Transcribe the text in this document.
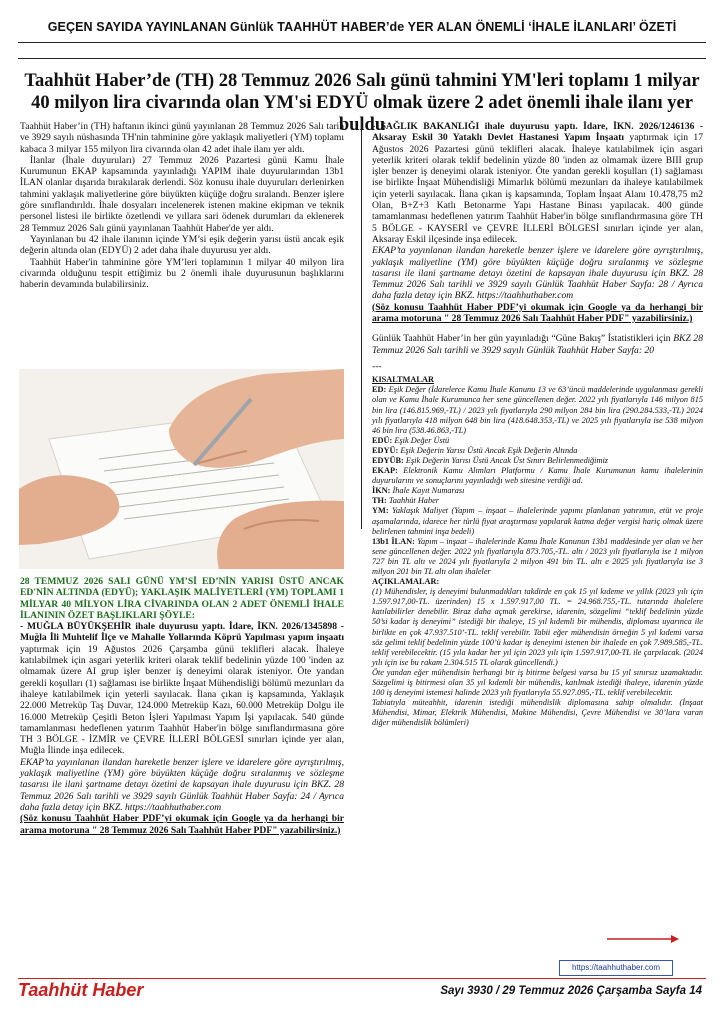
GEÇEN SAYIDA YAYINLANAN Günlük TAAHHÜT HABER’de YER ALAN ÖNEMLİ ‘İHALE İLANLARI’ ÖZETİ
Taahhüt Haber’de (TH) 28 Temmuz 2026 Salı günü tahmini YM'leri toplamı 1 milyar 40 milyon lira civarında olan YM'si EDYÜ olmak üzere 2 adet önemli ihale ilanı yer buldu

Taahhüt Haber’in (TH) haftanın ikinci günü yayınlanan 28 Temmuz 2026 Salı tarih ve 3929 sayılı nüshasında TH'nin tahminine göre yaklaşık maliyetleri (YM) toplamı kabaca 3 milyar 155 milyon lira civarında olan 42 adet ihale ilanı yer aldı.

İlanlar (İhale duyuruları) 27 Temmuz 2026 Pazartesi günü Kamu İhale Kurumunun EKAP kapsamında yayınladığı YAPIM ihale duyurularından 13b1 İLAN olanlar dışarıda bırakılarak derlendi. Söz konusu ihale duyuruları derlenirken tahmini yaklaşık maliyetlerine göre büyükten küçüğe doğru sıralandı. Benzer işlere göre sınıflandırıldı. İhale dosyaları incelenerek istenen makine ekipman ve teknik personel listesi ile birlikte özetlendi ve yıllara sari ödenek durumları da eklenerek 28 Temmuz 2026 Salı günü yayınlanan Taahhüt Haber'de yer aldı.

Yayınlanan bu 42 ihale ilanının içinde YM’si eşik değerin yarısı üstü ancak eşik değerin altında olan (EDYÜ) 2 adet daha ihale duyurusu yer aldı.

Taahhüt Haber'in tahminine göre YM’leri toplamının 1 milyar 40 milyon lira civarında olduğunu tespit ettiğimiz bu 2 önemli ihale duyurusunun başlıklarını haberin devamında bulabilirsiniz.

28 TEMMUZ 2026 SALI GÜNÜ YM’Sİ ED’NİN YARISI ÜSTÜ ANCAK ED'NİN ALTINDA (EDYÜ); YAKLAŞIK MALİYETLERİ (YM) TOPLAMI 1 MİLYAR 40 MİLYON LİRA CİVARINDA OLAN 2 ADET ÖNEMLİ İHALE İLANININ ÖZET BAŞLIKLARI ŞÖYLE:

- MUĞLA BÜYÜKŞEHİR ihale duyurusu yaptı. İdare, İKN. 2026/1345898 - Muğla İli Muhtelif İlçe ve Mahalle Yollarında Köprü Yapılması yapım inşaatı yaptırmak için 19 Ağustos 2026 Çarşamba günü teklifleri alacak. İhaleye katılabilmek için asgari yeterlik kriteri olarak teklif bedelinin yüzde 100 'inden az olmamak üzere AI grup işler benzer iş deneyimi olarak isteniyor. Öte yandan gerekli koşulları (1) sağlaması ise birlikte İnşaat Mühendisliği bölümü mezunları da ihaleye katılabilmek için yeterli sayılacak. İlana çıkan iş kapsamında, Yaklaşık 22.000 Metreküp Taş Duvar, 124.000 Metreküp Kazı, 60.000 Metreküp Dolgu ile 16.000 Metreküp Çeşitli Beton İşleri Yapılması Yapım İşi yapılacak. 540 günde tamamlanması hedeflenen yatırım Taahhüt Haber'in bölge sınıflandırmasına göre TH 3 BÖLGE - İZMİR ve ÇEVRE İLLERİ BÖLGESİ sınırları içinde yer alan, Muğla İlinde inşa edilecek.

EKAP’ta yayınlanan ilandan hareketle benzer işlere ve idarelere göre ayrıştırılmış, yaklaşık maliyetline (YM) göre büyükten küçüğe doğru sıralanmış ve sözleşme tasarısı ile ilani şartname detayı özetini de kapsayan ihale duyurusu için BKZ. 28 Temmuz 2026 Salı tarihli ve 3929 sayılı Günlük Taahhüt Haber Sayfa: 24 / Ayrıca daha fazla detay için BKZ. https://taahhuthaber.com

(Söz konusu Taahhüt Haber PDF’yi okumak için Google ya da herhangi bir arama motoruna " 28 Temmuz 2026 Salı Taahhüt Haber PDF" yazabilirsiniz.)

- SAĞLIK BAKANLIĞI ihale duyurusu yaptı. İdare, İKN. 2026/1246136 - Aksaray Eskil 30 Yataklı Devlet Hastanesi Yapım İnşaatı yaptırmak için 17 Ağustos 2026 Pazartesi günü teklifleri alacak. İhaleye katılabilmek için asgari yeterlik kriteri olarak teklif bedelinin yüzde 80 'inden az olmamak üzere BIII grup işler benzer iş deneyimi olarak isteniyor. Öte yandan gerekli koşulları (1) sağlaması ise birlikte İnşaat Mühendisliği Mimarlık bölümü mezunları da ihaleye katılabilmek için yeterli sayılacak. İlana çıkan iş kapsamında, Toplam İnşaat Alanı 10.478,75 m2 Olan, B+Z+3 Katlı Betonarme Yapı Hastane Binası yapılacak. 400 günde tamamlanması hedeflenen yatırım Taahhüt Haber'in bölge sınıflandırmasına göre TH 5 BÖLGE - KAYSERİ ve ÇEVRE İLLERİ BÖLGESİ sınırları içinde yer alan, Aksaray Eskil ilçesinde inşa edilecek.

EKAP’ta yayınlanan ilandan hareketle benzer işlere ve idarelere göre ayrıştırılmış, yaklaşık maliyetline (YM) göre büyükten küçüğe doğru sıralanmış ve sözleşme tasarısı ile ilani şartname detayı özetini de kapsayan ihale duyurusu için BKZ. 28 Temmuz 2026 Salı tarihli ve 3929 sayılı Günlük Taahhüt Haber Sayfa: 28 / Ayrıca daha fazla detay için BKZ. https://taahhuthaber.com

(Söz konusu Taahhüt Haber PDF’yi okumak için Google ya da herhangi bir arama motoruna " 28 Temmuz 2026 Salı Taahhüt Haber PDF" yazabilirsiniz.)

Günlük Taahhüt Haber’in her gün yayınladığı “Güne Bakış” İstatistikleri için BKZ 28 Temmuz 2026 Salı tarihli ve 3929 sayılı Günlük Taahhüt Haber Sayfa: 20

---

KISALTMALAR

ED: Eşik Değer (İdarelerce Kamu İhale Kanunu 13 ve 63’üncü maddelerinde uygulanması gerekli olan ve Kamu İhale Kurumunca her sene güncellenen değer. 2022 yılı fiyatlarıyla 146 milyon 815 bin lira (146.815.969,-TL) / 2023 yılı fiyatlarıyla 290 milyon 284 bin lira (290.284.533,-TL) 2024 yılı fiyatlarıyla 418 milyon 648 bin lira (418.648.353,-TL) ve 2025 yılı fiyatlarıyla ise 538 milyon 46 bin lira (538.46.863,-TL)

EDÜ: Eşik Değer Üstü

EDYÜ: Eşik Değerin Yarısı Üstü Ancak Eşik Değerin Altında

EDYÜB: Eşik Değerin Yarısı Üstü Ancak Üst Sınırı Belirlenmediğimiz

EKAP: Elektronik Kamu Alımları Platformu / Kamu İhale Kurumunun kamu ihalelerinin duyurularını ve sonuçlarını yayınladığı web sitesine verdiği ad.

İKN: İhale Kayıt Numarası

TH: Taahhüt Haber

YM: Yaklaşık Maliyet (Yapım – inşaat – ihalelerinde yapımı planlanan yatırımın, etüt ve proje aşamalarında, idarece her türlü fiyat araştırması yapılarak katma değer vergisi hariç olmak üzere belirlenen tahmini inşa bedeli)

13b1 İLAN: Yapım – inşaat – ihalelerinde Kamu İhale Kanunun 13b1 maddesinde yer alan ve her sene güncellenen değer. 2022 yılı fiyatlarıyla 873.705,-TL. altı / 2023 yılı fiyatlarıyla ise 1 milyon 727 bin TL altı ve 2024 yılı fiyatlarıyla 2 milyon 491 bin TL. altı e 2025 yılı fiyatlarıyla ise 3 milyon 201 bin TL altı olan ihaleler

AÇIKLAMALAR:

(1) Mühendisler, iş deneyimi bulunmadıkları takdirde en çok 15 yıl kıdeme ve yıllık (2023 yılı için 1.597.917,00-TL. üzerinden) 15 x 1.597.917,00 TL. = 24.968.755,-TL. tutarında ihalelere katılabilirler denebilir. Biraz daha açmak gerekirse, idarenin, sözgelimi “teklif bedelinin yüzde 50’si kadar iş deneyimi” istediği bir ihaleye, 15 yıl kıdemli bir mühendis, diploması uyarınca ile birlikte en çok 47.937.510’-TL. teklif verebilir. Tabii eğer mühendisin örneğin 5 yıl kıdemi varsa söz gelimi teklif bedelinin yüzde 100’ü kadar iş deneyimi istenen bir ihalede en çok 7.989.585,-TL. teklif verebilecektir. (15 yıla kadar her yıl için 2023 yılı için 1.597.917,00-TL ile çarpılacak. (2024 yılı için ise bu rakam 2.304.515 TL olarak güncellendi.)

Öte yandan eğer mühendisin herhangi bir iş bitirme belgesi varsa bu 15 yıl sınırsız uzamaktadır. Sözgelimi iş bitirmesi olan 35 yıl kıdemli bir mühendis, katılmak istediği ihaleye, idarenin yüzde 100 iş deneyimi istemesi halinde 2023 yılı fiyatlarıyla 55.927.095,-TL. teklif verebilecektir.

Tabiatıyla müteahhit, idarenin istediği mühendislik diplomasına sahip olmalıdır. (İnşaat Mühendisi, Mimar, Elektrik Mühendisi, Makine Mühendisi, Çevre Mühendisi ve 30’lara varan diğer mühendislik bölümleri)

https://taahhuthaber.com
Taahhüt Haber	Sayı 3930 / 29 Temmuz 2026 Çarşamba Sayfa 14
